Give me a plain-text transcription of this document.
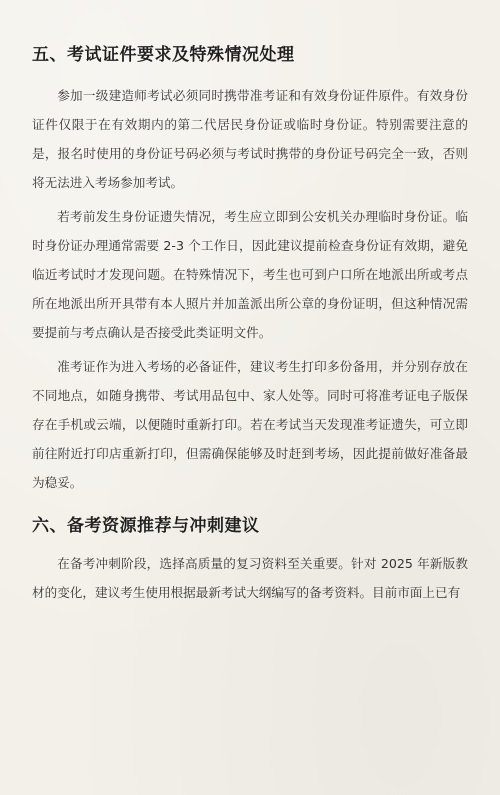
五、考试证件要求及特殊情况处理

参加一级建造师考试必须同时携带准考证和有效身份证件原件。有效身份证件仅限于在有效期内的第二代居民身份证或临时身份证。特别需要注意的是，报名时使用的身份证号码必须与考试时携带的身份证号码完全一致，否则将无法进入考场参加考试。

若考前发生身份证遗失情况，考生应立即到公安机关办理临时身份证。临时身份证办理通常需要 2-3 个工作日，因此建议提前检查身份证有效期，避免临近考试时才发现问题。在特殊情况下，考生也可到户口所在地派出所或考点所在地派出所开具带有本人照片并加盖派出所公章的身份证明，但这种情况需要提前与考点确认是否接受此类证明文件。

准考证作为进入考场的必备证件，建议考生打印多份备用，并分别存放在不同地点，如随身携带、考试用品包中、家人处等。同时可将准考证电子版保存在手机或云端，以便随时重新打印。若在考试当天发现准考证遗失，可立即前往附近打印店重新打印，但需确保能够及时赶到考场，因此提前做好准备最为稳妥。

六、备考资源推荐与冲刺建议

在备考冲刺阶段，选择高质量的复习资料至关重要。针对 2025 年新版教材的变化，建议考生使用根据最新考试大纲编写的备考资料。目前市面上已有
